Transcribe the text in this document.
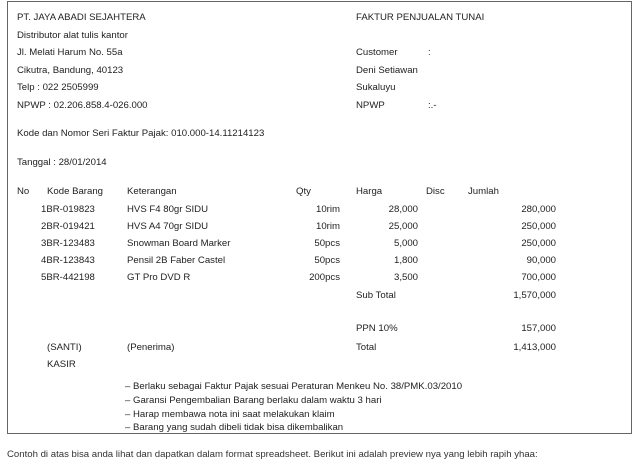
PT. JAYA ABADI SEJAHTERA
Distributor alat tulis kantor
Jl. Melati Harum No. 55a
Cikutra, Bandung, 40123
Telp : 022 2505999
NPWP : 02.206.858.4-026.000
FAKTUR PENJUALAN TUNAI
Customer	:
Deni Setiawan
Sukaluyu
NPWP	:.-
Kode dan Nomor Seri Faktur Pajak: 010.000-14.11214123
Tanggal : 28/01/2014
No Kode Barang Keterangan	Qty	Harga	Disc Jumlah
1BR-019823	HVS F4 80gr SIDU	10rim	28,000	280,000
2BR-019421	HVS A4 70gr SIDU	10rim	25,000	250,000
3BR-123483	Snowman Board Marker	50pcs	5,000	250,000
4BR-123843	Pensil 2B Faber Castel	50pcs	1,800	90,000
5BR-442198	GT Pro DVD R	200pcs	3,500	700,000
Sub Total	1,570,000
PPN 10%	157,000
Total	1,413,000
(SANTI)
KASIR
(Penerima)
– Berlaku sebagai Faktur Pajak sesuai Peraturan Menkeu No. 38/PMK.03/2010
– Garansi Pengembalian Barang berlaku dalam waktu 3 hari
– Harap membawa nota ini saat melakukan klaim
– Barang yang sudah dibeli tidak bisa dikembalikan
Contoh di atas bisa anda lihat dan dapatkan dalam format spreadsheet. Berikut ini adalah preview nya yang lebih rapih yhaa:
